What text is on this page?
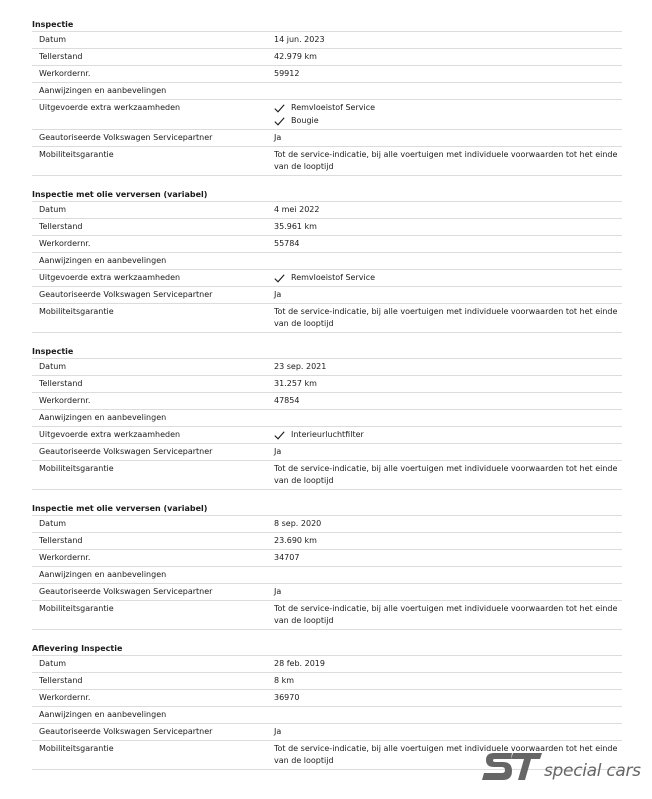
Inspectie
Datum	14 jun. 2023
Tellerstand	42.979 km
Werkordernr.	59912
Aanwijzingen en aanbevelingen	
Uitgevoerde extra werkzaamheden	Remvloeistof Service
Bougie

Geautoriseerde Volkswagen Servicepartner	Ja
Mobiliteitsgarantie	Tot de service-indicatie, bij alle voertuigen met individuele voorwaarden tot het einde van de looptijd
Inspectie met olie verversen (variabel)
Datum	4 mei 2022
Tellerstand	35.961 km
Werkordernr.	55784
Aanwijzingen en aanbevelingen	
Uitgevoerde extra werkzaamheden	Remvloeistof Service

Geautoriseerde Volkswagen Servicepartner	Ja
Mobiliteitsgarantie	Tot de service-indicatie, bij alle voertuigen met individuele voorwaarden tot het einde van de looptijd
Inspectie
Datum	23 sep. 2021
Tellerstand	31.257 km
Werkordernr.	47854
Aanwijzingen en aanbevelingen	
Uitgevoerde extra werkzaamheden	Interieurluchtfilter

Geautoriseerde Volkswagen Servicepartner	Ja
Mobiliteitsgarantie	Tot de service-indicatie, bij alle voertuigen met individuele voorwaarden tot het einde van de looptijd
Inspectie met olie verversen (variabel)
Datum	8 sep. 2020
Tellerstand	23.690 km
Werkordernr.	34707
Aanwijzingen en aanbevelingen	
Geautoriseerde Volkswagen Servicepartner	Ja
Mobiliteitsgarantie	Tot de service-indicatie, bij alle voertuigen met individuele voorwaarden tot het einde van de looptijd
Aflevering Inspectie
Datum	28 feb. 2019
Tellerstand	8 km
Werkordernr.	36970
Aanwijzingen en aanbevelingen	
Geautoriseerde Volkswagen Servicepartner	Ja
Mobiliteitsgarantie	Tot de service-indicatie, bij alle voertuigen met individuele voorwaarden tot het einde van de looptijd
special cars
